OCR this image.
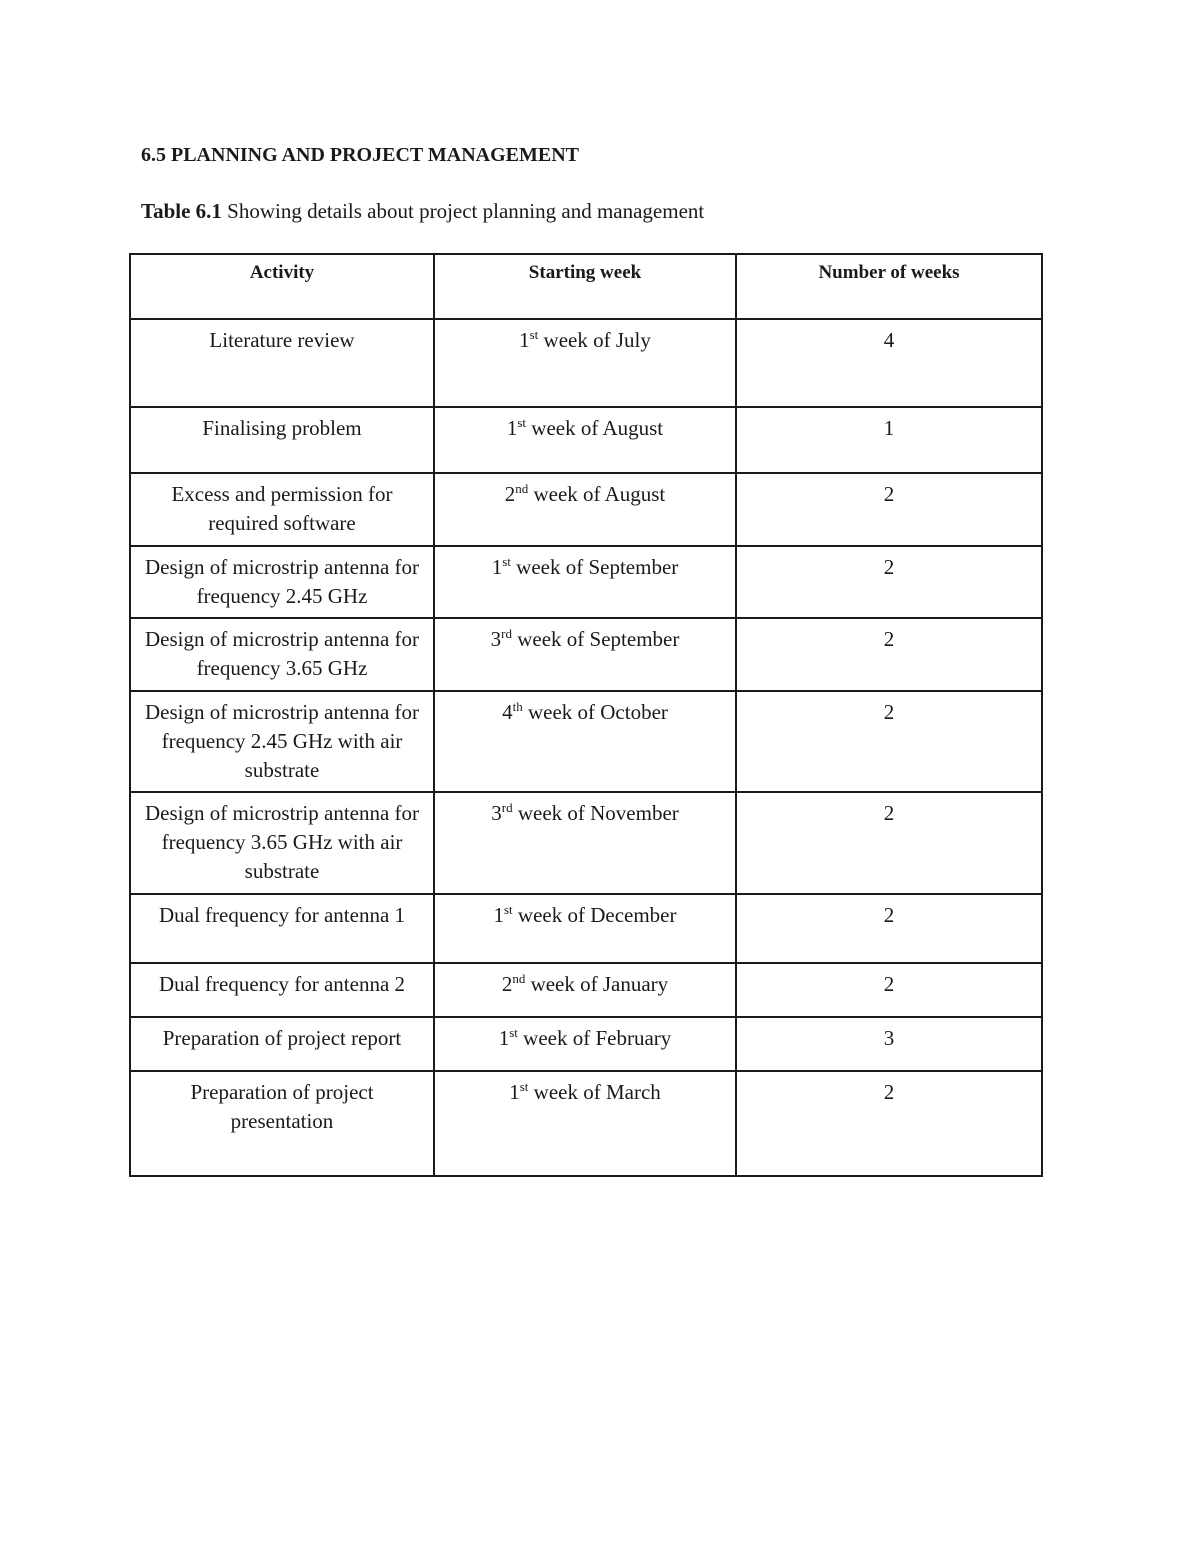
6.5 PLANNING AND PROJECT MANAGEMENT

Table 6.1 Showing details about project planning and management

Activity	Starting week	Number of weeks
Literature review	1st week of July	4
Finalising problem	1st week of August	1
Excess and permission for required software	2nd week of August	2
Design of microstrip antenna for frequency 2.45 GHz	1st week of September	2
Design of microstrip antenna for frequency 3.65 GHz	3rd week of September	2
Design of microstrip antenna for frequency 2.45 GHz with air substrate	4th week of October	2
Design of microstrip antenna for frequency 3.65 GHz with air substrate	3rd week of November	2
Dual frequency for antenna 1	1st week of December	2
Dual frequency for antenna 2	2nd week of January	2
Preparation of project report	1st week of February	3
Preparation of project presentation	1st week of March	2
